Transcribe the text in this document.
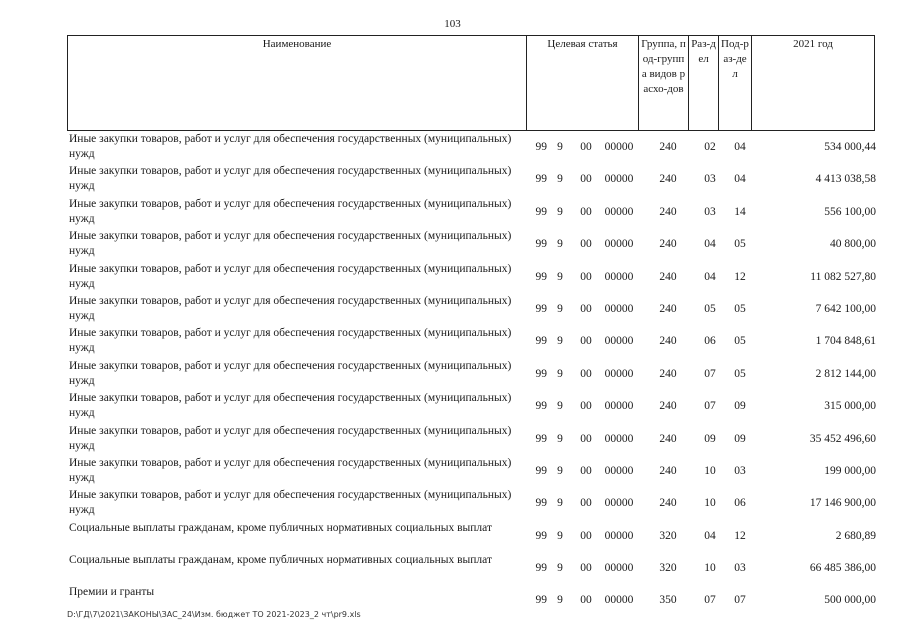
103
Наименование	Целевая статья	Группа, под-группа видов расхо-дов	Раз-дел	Под-раз-дел	2021 год
Иные закупки товаров, работ и услуг для обеспечения государственных (муниципальных) нужд
99 9 00	00000	240	02	04	534 000,44
Иные закупки товаров, работ и услуг для обеспечения государственных (муниципальных) нужд
99 9 00	00000	240	03	04	4 413 038,58
Иные закупки товаров, работ и услуг для обеспечения государственных (муниципальных) нужд
99 9 00	00000	240	03	14	556 100,00
Иные закупки товаров, работ и услуг для обеспечения государственных (муниципальных) нужд
99 9 00	00000	240	04	05	40 800,00
Иные закупки товаров, работ и услуг для обеспечения государственных (муниципальных) нужд
99 9 00	00000	240	04	12	11 082 527,80
Иные закупки товаров, работ и услуг для обеспечения государственных (муниципальных) нужд
99 9 00	00000	240	05	05	7 642 100,00
Иные закупки товаров, работ и услуг для обеспечения государственных (муниципальных) нужд
99 9 00	00000	240	06	05	1 704 848,61
Иные закупки товаров, работ и услуг для обеспечения государственных (муниципальных) нужд
99 9 00	00000	240	07	05	2 812 144,00
Иные закупки товаров, работ и услуг для обеспечения государственных (муниципальных) нужд
99 9 00	00000	240	07	09	315 000,00
Иные закупки товаров, работ и услуг для обеспечения государственных (муниципальных) нужд
99 9 00	00000	240	09	09	35 452 496,60
Иные закупки товаров, работ и услуг для обеспечения государственных (муниципальных) нужд
99 9 00	00000	240	10	03	199 000,00
Иные закупки товаров, работ и услуг для обеспечения государственных (муниципальных) нужд
99 9 00	00000	240	10	06	17 146 900,00
Социальные выплаты гражданам, кроме публичных нормативных социальных выплат
99 9 00	00000	320	04	12	2 680,89
Социальные выплаты гражданам, кроме публичных нормативных социальных выплат
99 9 00	00000	320	10	03	66 485 386,00
Премии и гранты
99 9 00	00000	350	07	07	500 000,00
D:\ГД\7\2021\ЗАКОНЫ\ЗАС_24\Изм. бюджет ТО 2021-2023_2 чт\pr9.xls
